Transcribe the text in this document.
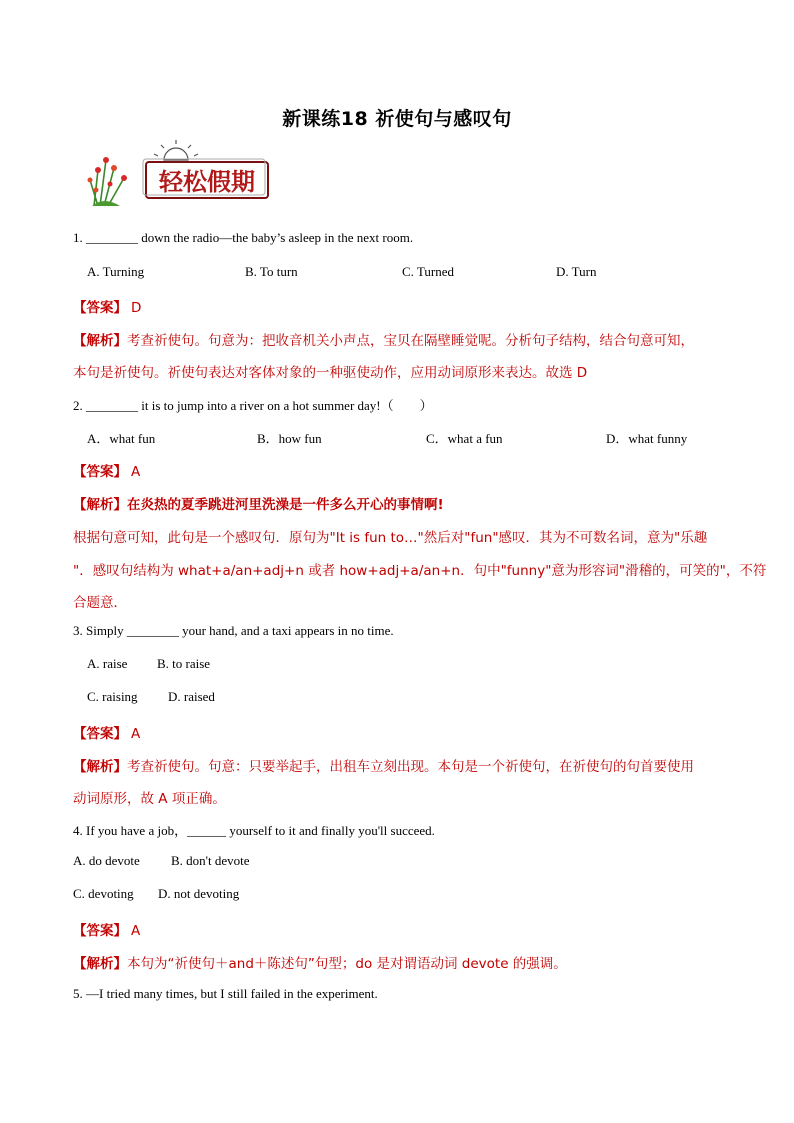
新课练18 祈使句与感叹句
轻松假期
1. ________ down the radio—the baby’s asleep in the next room.
A. Turning	B. To turn	C. Turned	D. Turn
【答案】 D
【解析】考查祈使句。句意为：把收音机关小声点，宝贝在隔壁睡觉呢。分析句子结构，结合句意可知，
本句是祈使句。祈使句表达对客体对象的一种驱使动作，应用动词原形来表达。故选 D
2. ________ it is to jump into a river on a hot summer day!（　　）
A．what fun	B．how fun	C．what a fun	D．what funny
【答案】 A
【解析】在炎热的夏季跳进河里洗澡是一件多么开心的事情啊!
根据句意可知，此句是一个感叹句．原句为"It is fun to…"然后对"fun"感叹．其为不可数名词，意为"乐趣
"．感叹句结构为 what+a/an+adj+n 或者 how+adj+a/an+n．句中"funny"意为形容词"滑稽的，可笑的"，不符
合题意．
3. Simply ________ your hand, and a taxi appears in no time.
A. raise B. to raise
C. raising D. raised
【答案】 A
【解析】考查祈使句。句意：只要举起手，出租车立刻出现。本句是一个祈使句，在祈使句的句首要使用
动词原形，故 A 项正确。
4. If you have a job，______ yourself to it and finally you'll succeed.
A. do devote B. don't devote
C. devoting D. not devoting
【答案】 A
【解析】本句为“祈使句＋and＋陈述句”句型；do 是对谓语动词 devote 的强调。
5. —I tried many times, but I still failed in the experiment.
